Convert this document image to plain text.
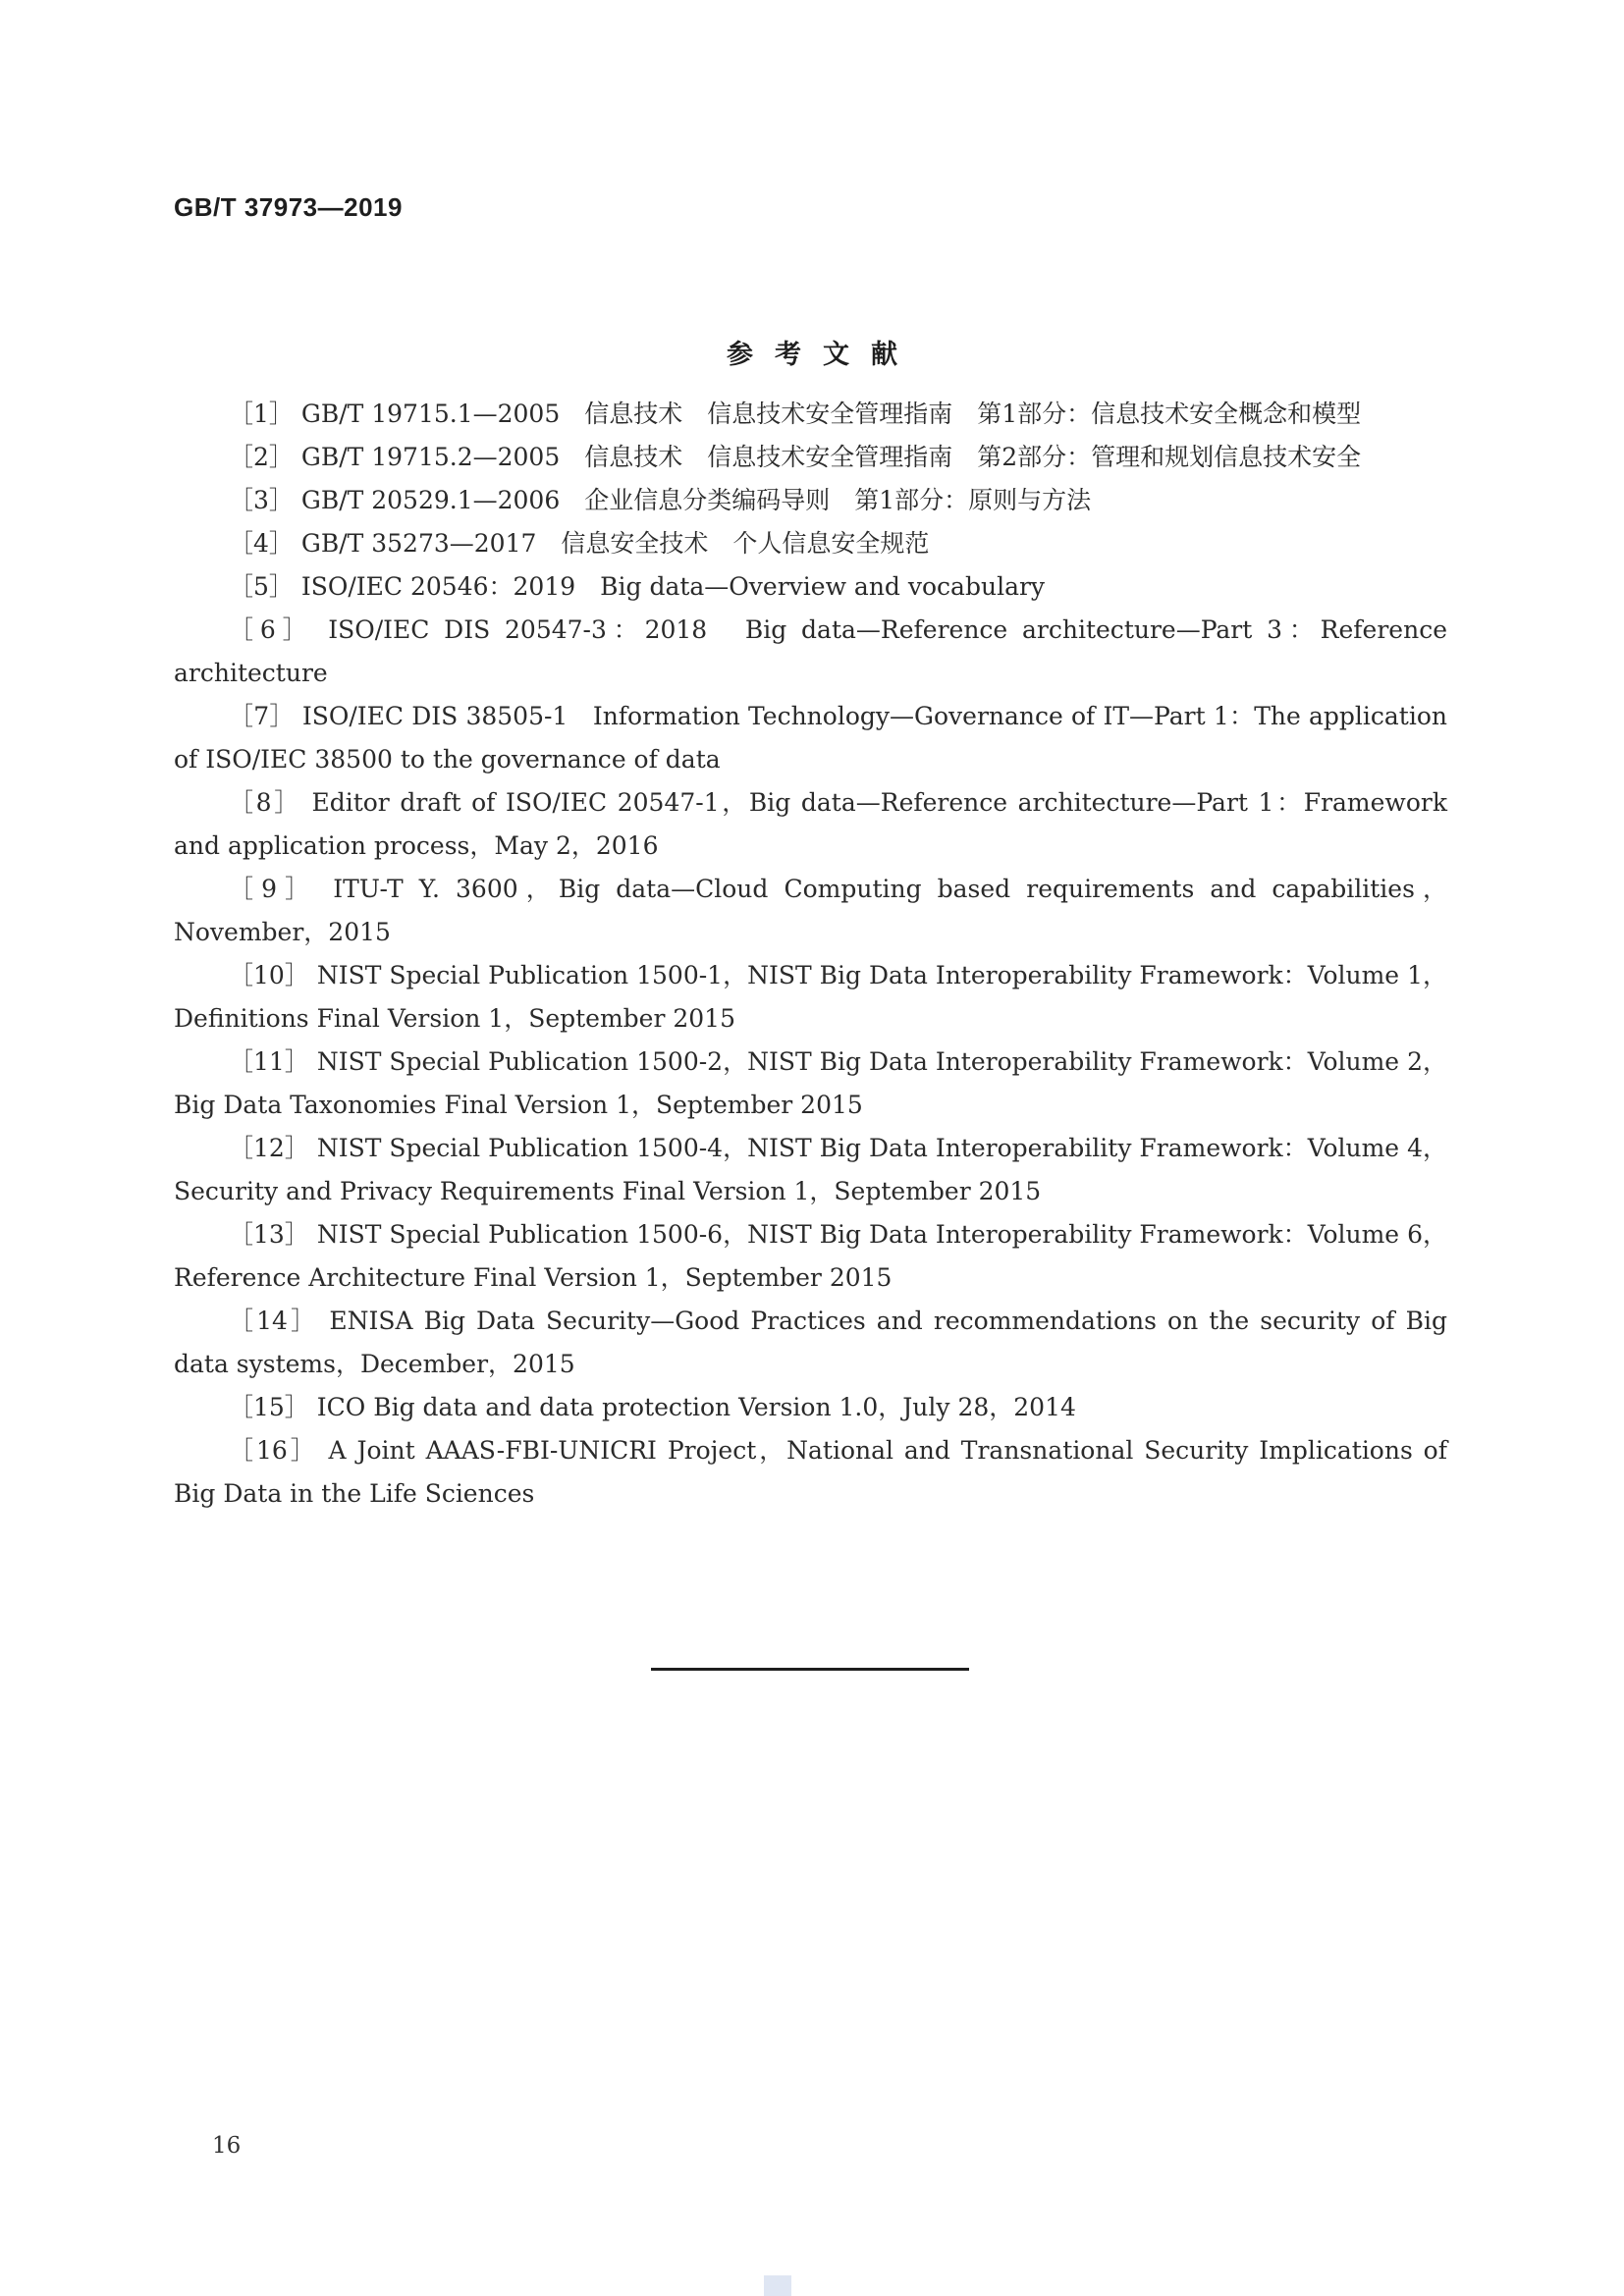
GB/T 37973—2019
参考文献
［1］ GB/T 19715.1—2005　信息技术　信息技术安全管理指南　第1部分：信息技术安全概念和模型
［2］ GB/T 19715.2—2005　信息技术　信息技术安全管理指南　第2部分：管理和规划信息技术安全
［3］ GB/T 20529.1—2006　企业信息分类编码导则　第1部分：原则与方法
［4］ GB/T 35273—2017　信息安全技术　个人信息安全规范
［5］ ISO/IEC 20546：2019　Big data—Overview and vocabulary
［6］ ISO/IEC DIS 20547-3：2018　Big data—Reference architecture—Part 3：Reference architecture
［7］ ISO/IEC DIS 38505-1　Information Technology—Governance of IT—Part 1：The application of ISO/IEC 38500 to the governance of data
［8］ Editor draft of ISO/IEC 20547-1，Big data—Reference architecture—Part 1：Framework and application process，May 2，2016
［9］ ITU-T Y. 3600，Big data—Cloud Computing based requirements and capabilities，November，2015
［10］ NIST Special Publication 1500-1，NIST Big Data Interoperability Framework：Volume 1，Definitions Final Version 1，September 2015
［11］ NIST Special Publication 1500-2，NIST Big Data Interoperability Framework：Volume 2，Big Data Taxonomies Final Version 1，September 2015
［12］ NIST Special Publication 1500-4，NIST Big Data Interoperability Framework：Volume 4，Security and Privacy Requirements Final Version 1，September 2015
［13］ NIST Special Publication 1500-6，NIST Big Data Interoperability Framework：Volume 6，Reference Architecture Final Version 1，September 2015
［14］ ENISA Big Data Security—Good Practices and recommendations on the security of Big data systems，December，2015
［15］ ICO Big data and data protection Version 1.0，July 28，2014
［16］ A Joint AAAS-FBI-UNICRI Project，National and Transnational Security Implications of Big Data in the Life Sciences
16
